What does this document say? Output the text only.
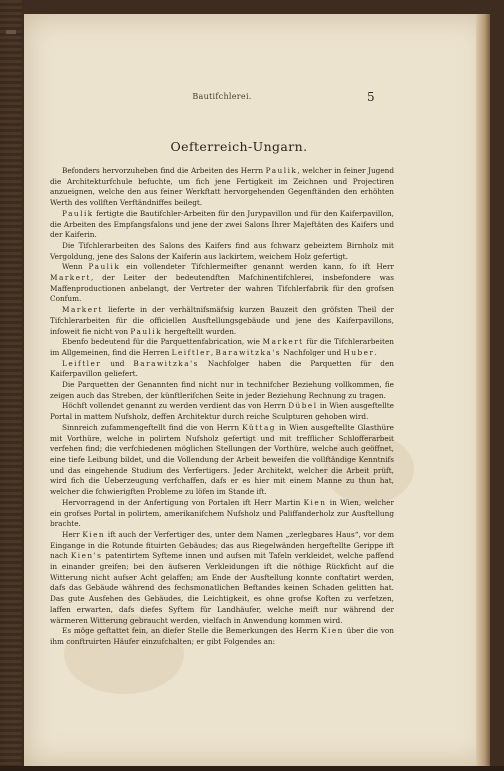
Bautifchlerei.	5
Oefterreich-Ungarn.

Befonders hervorzuheben find die Arbeiten des Herrn Paulik, welcher in feiner Jugend die Architekturfchule befuchte, um fich jene Fertigkeit im Zeichnen und Projectiren anzueignen, welche den aus feiner Werkftatt hervorgehenden Gegenftänden den erhöhten Werth des vollften Verftändniffes beilegt.

Paulik fertigte die Bautifchler-Arbeiten für den Jurypavillon und für den Kaiferpavillon, die Arbeiten des Empfangsfalons und jene der zwei Salons Ihrer Majeftäten des Kaifers und der Kaiferin.

Die Tifchlerarbeiten des Salons des Kaifers find aus fchwarz gebeiztem Birnholz mit Vergoldung, jene des Salons der Kaiferin aus lackirtem, weichem Holz gefertigt.

Wenn Paulik ein vollendeter Tifchlermeifter genannt werden kann, fo ift Herr Markert, der Leiter der bedeutendften Mafchinentifchlerei, insbefondere was Maffenproductionen anbelangt, der Vertreter der wahren Tifchlerfabrik für den grofsen Confum.

Markert lieferte in der verhältnifsmäfsig kurzen Bauzeit den gröfsten Theil der Tifchlerarbeiten für die officiellen Ausftellungsgebäude und jene des Kaiferpavillons, infoweit fie nicht von Paulik hergeftellt wurden.

Ebenfo bedeutend für die Parquettenfabrication, wie Markert für die Tifchlerarbeiten im Allgemeinen, find die Herren Leiftler, Barawitzka's Nachfolger und Huber.

Leiftler und Barawitzka's Nachfolger haben die Parquetten für den Kaiferpavillon geliefert.

Die Parquetten der Genannten find nicht nur in technifcher Beziehung vollkommen, fie zeigen auch das Streben, der künftlerifchen Seite in jeder Beziehung Rechnung zu tragen.

Höchft vollendet genannt zu werden verdient das von Herrn Dübel in Wien ausgeftellte Portal in mattem Nufsholz, deffen Architektur durch reiche Sculpturen gehoben wird.

Sinnreich zufammengeftellt find die von Herrn Küttag in Wien ausgeftellte Glasthüre mit Vorthüre, welche in polirtem Nufsholz gefertigt und mit trefflicher Schlofferarbeit verfehen find; die verfchiedenen möglichen Stellungen der Vorthüre, welche auch geöffnet, eine tiefe Leibung bildet, und die Vollendung der Arbeit beweifen die vollftändige Kenntnifs und das eingehende Studium des Verfertigers. Jeder Architekt, welcher die Arbeit prüft, wird fich die Ueberzeugung verfchaffen, dafs er es hier mit einem Manne zu thun hat, welcher die fchwierigften Probleme zu löfen im Stande ift.

Hervorragend in der Anfertigung von Portalen ift Herr Martin Kien in Wien, welcher ein grofses Portal in polirtem, amerikanifchem Nufsholz und Paliffanderholz zur Ausftellung brachte.

Herr Kien ift auch der Verfertiger des, unter dem Namen „zerlegbares Haus“, vor dem Eingange in die Rotunde fituirten Gebäudes; das aus Riegelwänden hergeftellte Gerippe ift nach Kien's patentirtem Syfteme innen und aufsen mit Tafeln verkleidet, welche paffend in einander greifen; bei den äufseren Verkleidungen ift die nöthige Rückficht auf die Witterung nicht aufser Acht gelaffen; am Ende der Ausftellung konnte conftatirt werden, dafs das Gebäude während des fechsmonatlichen Beftandes keinen Schaden gelitten hat. Das gute Ausfehen des Gebäudes, die Leichtigkeit, es ohne grofse Koften zu verfetzen, laffen erwarten, dafs diefes Syftem für Landhäufer, welche meift nur während der wärmeren Witterung gebraucht werden, vielfach in Anwendung kommen wird.

Es möge geftattet fein, an diefer Stelle die Bemerkungen des Herrn Kien über die von ihm conftruirten Häufer einzufchalten; er gibt Folgendes an:
